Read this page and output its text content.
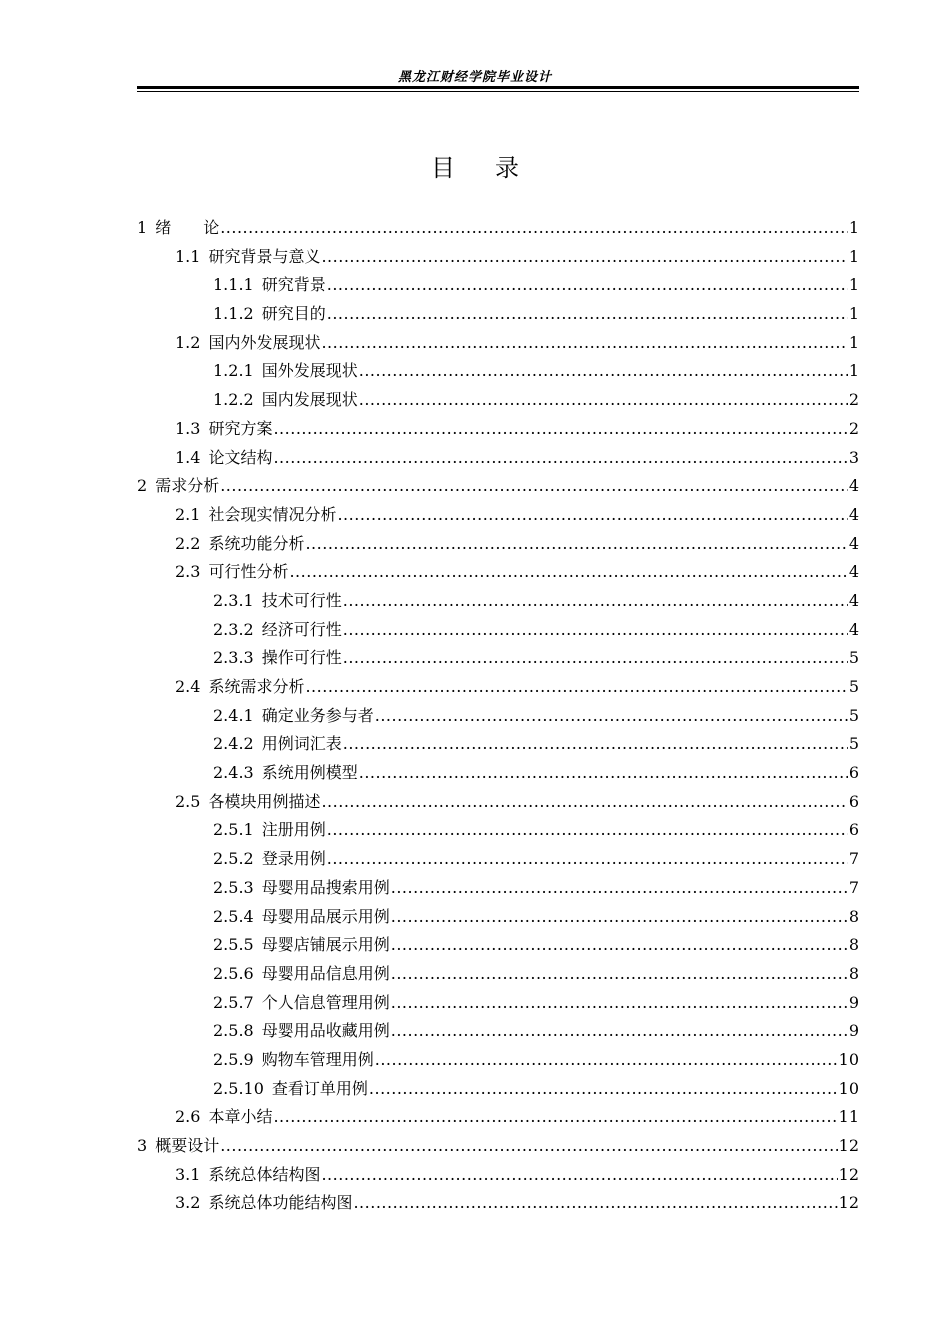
黑龙江财经学院毕业设计
目录
1 绪　　论 .....	1
1.1 研究背景与意义 .....	1
1.1.1 研究背景 .....	1
1.1.2 研究目的 .....	1
1.2 国内外发展现状 .....	1
1.2.1 国外发展现状 .....	1
1.2.2 国内发展现状 .....	2
1.3 研究方案 .....	2
1.4 论文结构 .....	3
2 需求分析 .....	4
2.1 社会现实情况分析 .....	4
2.2 系统功能分析 .....	4
2.3 可行性分析 .....	4
2.3.1 技术可行性 .....	4
2.3.2 经济可行性 .....	4
2.3.3 操作可行性 .....	5
2.4 系统需求分析 .....	5
2.4.1 确定业务参与者 .....	5
2.4.2 用例词汇表 .....	5
2.4.3 系统用例模型 .....	6
2.5 各模块用例描述 .....	6
2.5.1 注册用例 .....	6
2.5.2 登录用例 .....	7
2.5.3 母婴用品搜索用例 .....	7
2.5.4 母婴用品展示用例 .....	8
2.5.5 母婴店铺展示用例 .....	8
2.5.6 母婴用品信息用例 .....	8
2.5.7 个人信息管理用例 .....	9
2.5.8 母婴用品收藏用例 .....	9
2.5.9 购物车管理用例 .....	10
2.5.10 查看订单用例 .....	10
2.6 本章小结 .....	11
3 概要设计 .....	12
3.1 系统总体结构图 .....	12
3.2 系统总体功能结构图 .....	12
